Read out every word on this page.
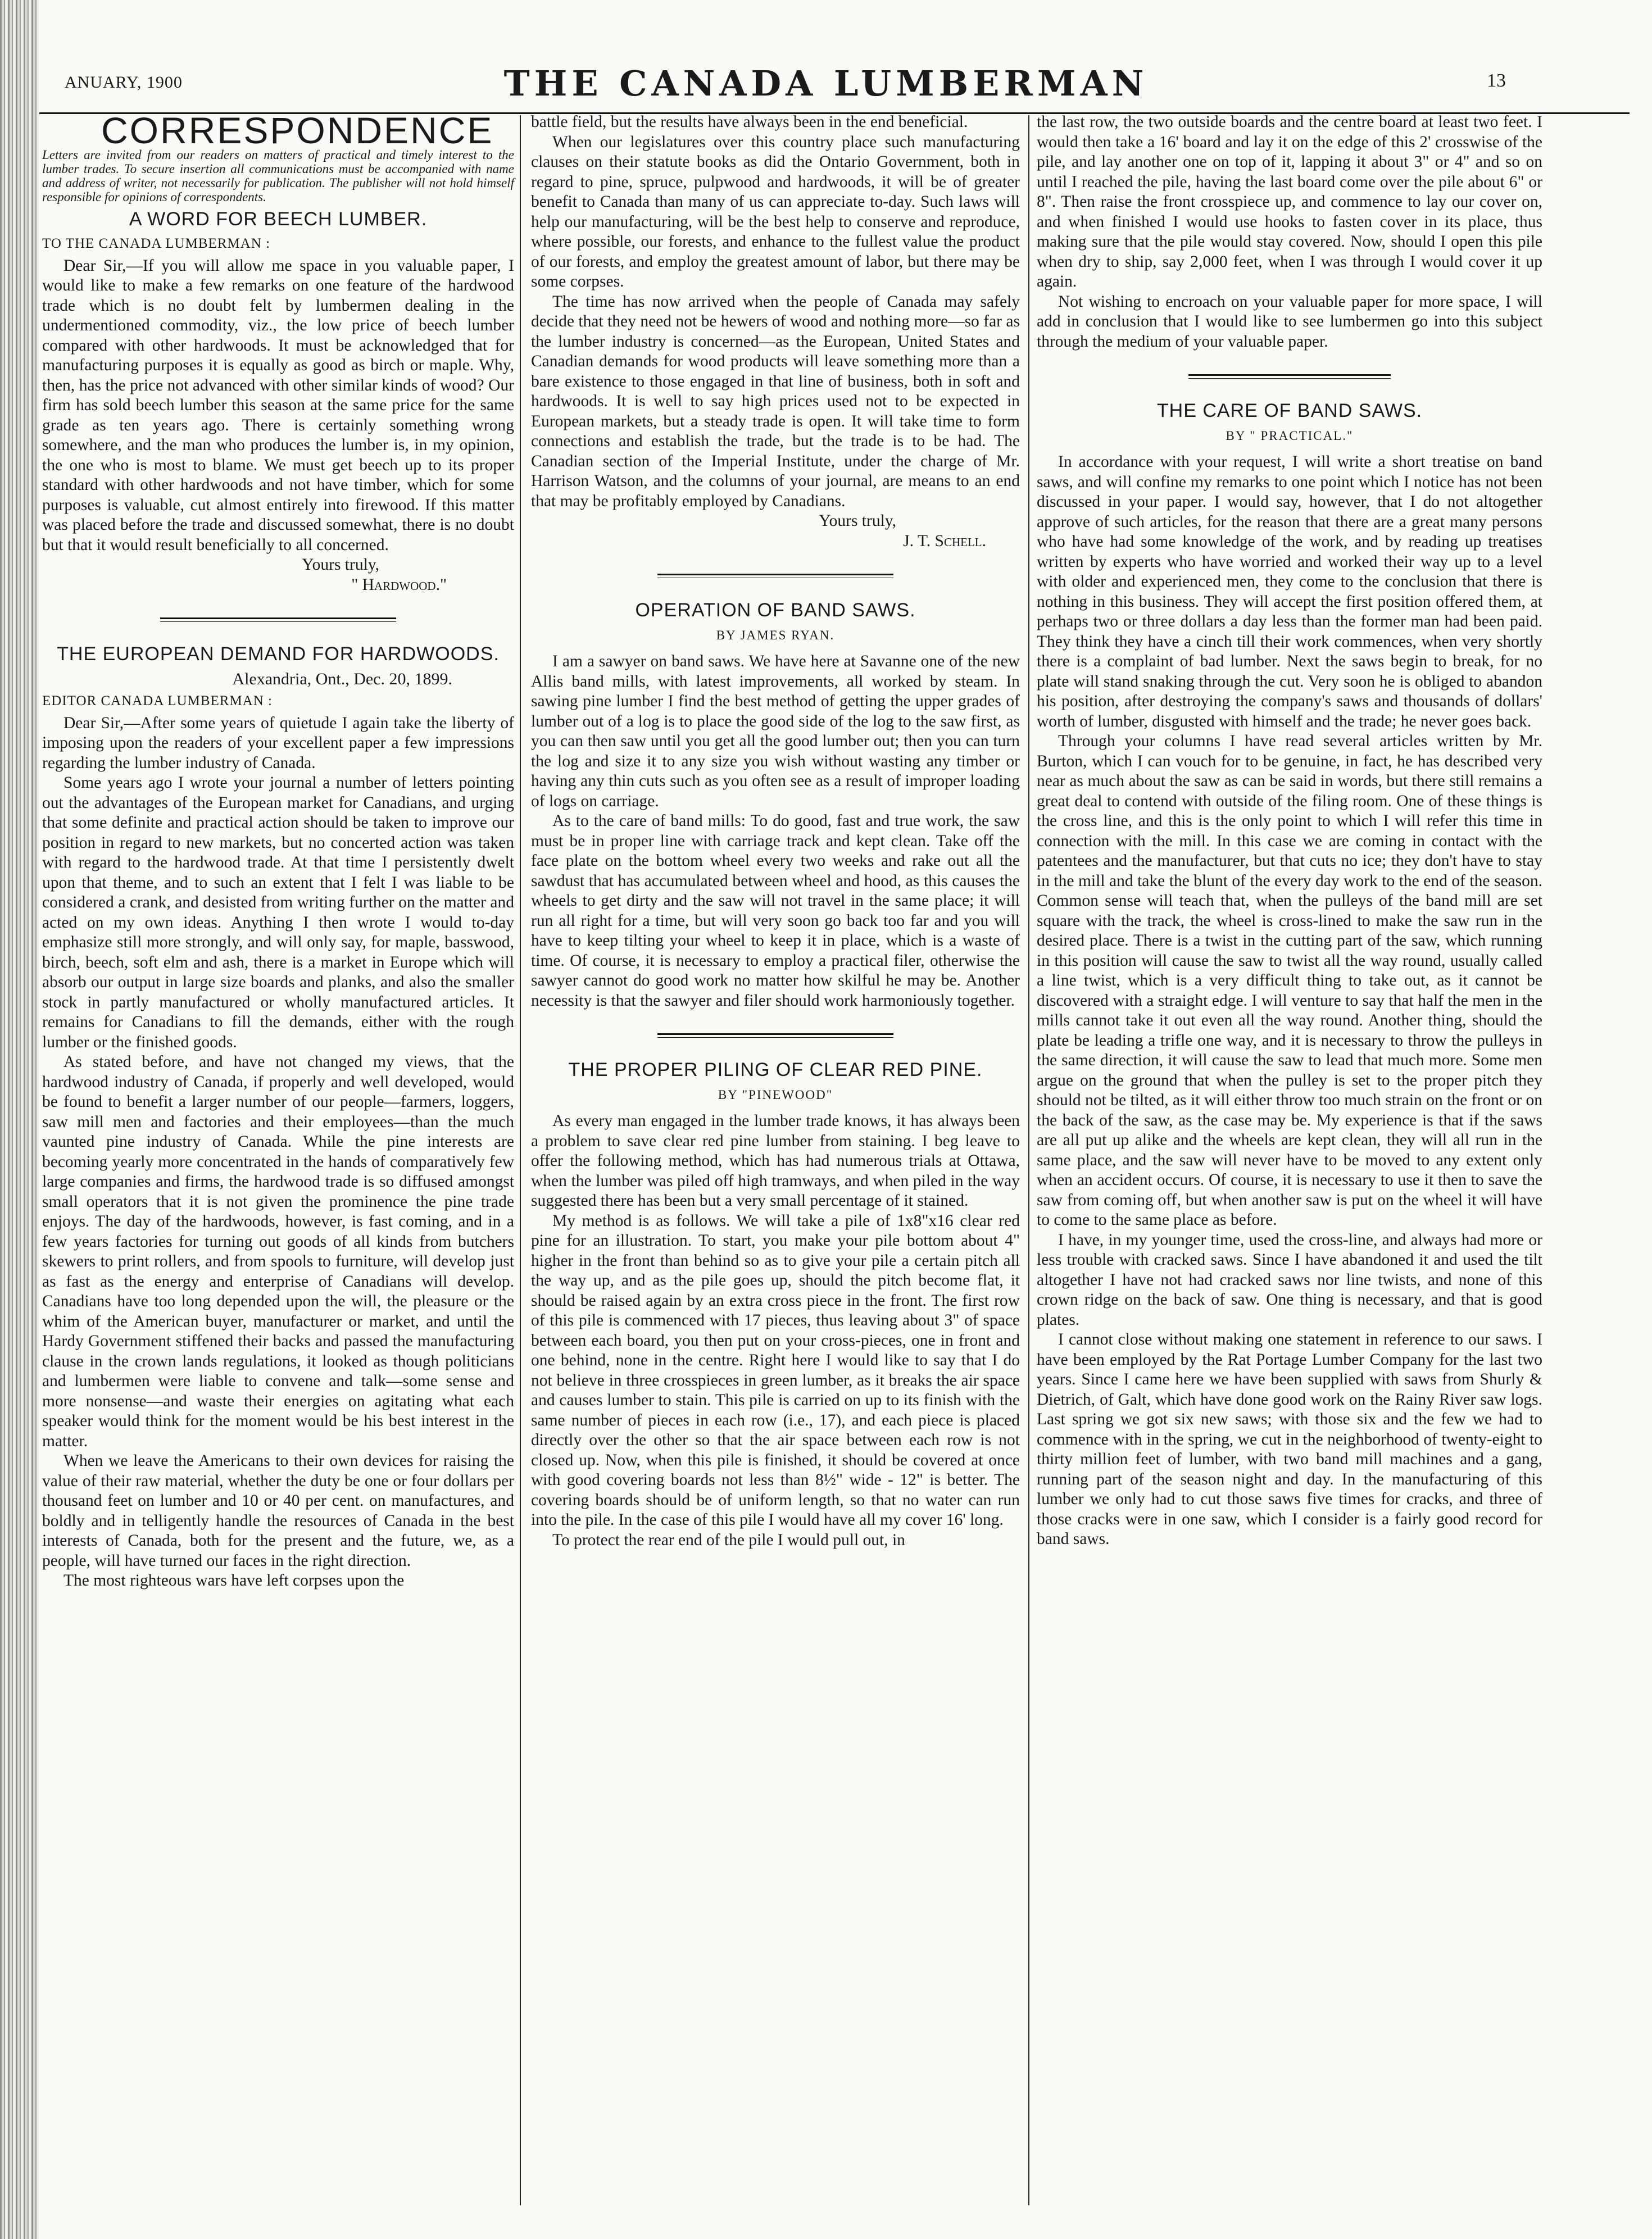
ANUARY, 1900	THE CANADA LUMBERMAN	13
CORRESPONDENCE
Letters are invited from our readers on matters of practical and timely interest to the lumber trades. To secure insertion all communications must be accompanied with name and address of writer, not necessarily for publication. The publisher will not hold himself responsible for opinions of correspondents.
A WORD FOR BEECH LUMBER.
TO THE CANADA LUMBERMAN :

Dear Sir,—If you will allow me space in you valuable paper, I would like to make a few remarks on one feature of the hardwood trade which is no doubt felt by lumbermen dealing in the undermentioned commodity, viz., the low price of beech lumber compared with other hardwoods. It must be acknowledged that for manufacturing purposes it is equally as good as birch or maple. Why, then, has the price not advanced with other similar kinds of wood? Our firm has sold beech lumber this season at the same price for the same grade as ten years ago. There is certainly something wrong somewhere, and the man who produces the lumber is, in my opinion, the one who is most to blame. We must get beech up to its proper standard with other hardwoods and not have timber, which for some purposes is valuable, cut almost entirely into firewood. If this matter was placed before the trade and discussed somewhat, there is no doubt but that it would result beneficially to all concerned.

Yours truly,

" Hardwood."

THE EUROPEAN DEMAND FOR HARDWOODS.
Alexandria, Ont., Dec. 20, 1899.
EDITOR CANADA LUMBERMAN :

Dear Sir,—After some years of quietude I again take the liberty of imposing upon the readers of your excellent paper a few impressions regarding the lumber industry of Canada.

Some years ago I wrote your journal a number of letters pointing out the advantages of the European market for Canadians, and urging that some definite and practical action should be taken to improve our position in regard to new markets, but no concerted action was taken with regard to the hardwood trade. At that time I persistently dwelt upon that theme, and to such an extent that I felt I was liable to be considered a crank, and desisted from writing further on the matter and acted on my own ideas. Anything I then wrote I would to-day emphasize still more strongly, and will only say, for maple, basswood, birch, beech, soft elm and ash, there is a market in Europe which will absorb our output in large size boards and planks, and also the smaller stock in partly manufactured or wholly manufactured articles. It remains for Canadians to fill the demands, either with the rough lumber or the finished goods.

As stated before, and have not changed my views, that the hardwood industry of Canada, if properly and well developed, would be found to benefit a larger number of our people—farmers, loggers, saw mill men and factories and their employees—than the much vaunted pine industry of Canada. While the pine interests are becoming yearly more concentrated in the hands of comparatively few large companies and firms, the hardwood trade is so diffused amongst small operators that it is not given the prominence the pine trade enjoys. The day of the hardwoods, however, is fast coming, and in a few years factories for turning out goods of all kinds from butchers skewers to print rollers, and from spools to furniture, will develop just as fast as the energy and enterprise of Canadians will develop. Canadians have too long depended upon the will, the pleasure or the whim of the American buyer, manufacturer or market, and until the Hardy Government stiffened their backs and passed the manufacturing clause in the crown lands regulations, it looked as though politicians and lumbermen were liable to convene and talk—some sense and more nonsense—and waste their energies on agitating what each speaker would think for the moment would be his best interest in the matter.

When we leave the Americans to their own devices for raising the value of their raw material, whether the duty be one or four dollars per thousand feet on lumber and 10 or 40 per cent. on manufactures, and boldly and in telligently handle the resources of Canada in the best interests of Canada, both for the present and the future, we, as a people, will have turned our faces in the right direction.

The most righteous wars have left corpses upon the

battle field, but the results have always been in the end beneficial.

When our legislatures over this country place such manufacturing clauses on their statute books as did the Ontario Government, both in regard to pine, spruce, pulpwood and hardwoods, it will be of greater benefit to Canada than many of us can appreciate to-day. Such laws will help our manufacturing, will be the best help to conserve and reproduce, where possible, our forests, and enhance to the fullest value the product of our forests, and employ the greatest amount of labor, but there may be some corpses.

The time has now arrived when the people of Canada may safely decide that they need not be hewers of wood and nothing more—so far as the lumber industry is concerned—as the European, United States and Canadian demands for wood products will leave something more than a bare existence to those engaged in that line of business, both in soft and hardwoods. It is well to say high prices used not to be expected in European markets, but a steady trade is open. It will take time to form connections and establish the trade, but the trade is to be had. The Canadian section of the Imperial Institute, under the charge of Mr. Harrison Watson, and the columns of your journal, are means to an end that may be profitably employed by Canadians.

Yours truly,

J. T. Schell.

OPERATION OF BAND SAWS.
BY JAMES RYAN.

I am a sawyer on band saws. We have here at Savanne one of the new Allis band mills, with latest improvements, all worked by steam. In sawing pine lumber I find the best method of getting the upper grades of lumber out of a log is to place the good side of the log to the saw first, as you can then saw until you get all the good lumber out; then you can turn the log and size it to any size you wish without wasting any timber or having any thin cuts such as you often see as a result of improper loading of logs on carriage.

As to the care of band mills: To do good, fast and true work, the saw must be in proper line with carriage track and kept clean. Take off the face plate on the bottom wheel every two weeks and rake out all the sawdust that has accumulated between wheel and hood, as this causes the wheels to get dirty and the saw will not travel in the same place; it will run all right for a time, but will very soon go back too far and you will have to keep tilting your wheel to keep it in place, which is a waste of time. Of course, it is necessary to employ a practical filer, otherwise the sawyer cannot do good work no matter how skilful he may be. Another necessity is that the sawyer and filer should work harmoniously together.

THE PROPER PILING OF CLEAR RED PINE.
BY "PINEWOOD"

As every man engaged in the lumber trade knows, it has always been a problem to save clear red pine lumber from staining. I beg leave to offer the following method, which has had numerous trials at Ottawa, when the lumber was piled off high tramways, and when piled in the way suggested there has been but a very small percentage of it stained.

My method is as follows. We will take a pile of 1x8"x16 clear red pine for an illustration. To start, you make your pile bottom about 4" higher in the front than behind so as to give your pile a certain pitch all the way up, and as the pile goes up, should the pitch become flat, it should be raised again by an extra cross piece in the front. The first row of this pile is commenced with 17 pieces, thus leaving about 3" of space between each board, you then put on your cross-pieces, one in front and one behind, none in the centre. Right here I would like to say that I do not believe in three crosspieces in green lumber, as it breaks the air space and causes lumber to stain. This pile is carried on up to its finish with the same number of pieces in each row (i.e., 17), and each piece is placed directly over the other so that the air space between each row is not closed up. Now, when this pile is finished, it should be covered at once with good covering boards not less than 8½" wide - 12" is better. The covering boards should be of uniform length, so that no water can run into the pile. In the case of this pile I would have all my cover 16' long.

To protect the rear end of the pile I would pull out, in

the last row, the two outside boards and the centre board at least two feet. I would then take a 16' board and lay it on the edge of this 2' crosswise of the pile, and lay another one on top of it, lapping it about 3" or 4" and so on until I reached the pile, having the last board come over the pile about 6" or 8". Then raise the front crosspiece up, and commence to lay our cover on, and when finished I would use hooks to fasten cover in its place, thus making sure that the pile would stay covered. Now, should I open this pile when dry to ship, say 2,000 feet, when I was through I would cover it up again.

Not wishing to encroach on your valuable paper for more space, I will add in conclusion that I would like to see lumbermen go into this subject through the medium of your valuable paper.

THE CARE OF BAND SAWS.
BY " PRACTICAL."

In accordance with your request, I will write a short treatise on band saws, and will confine my remarks to one point which I notice has not been discussed in your paper. I would say, however, that I do not altogether approve of such articles, for the reason that there are a great many persons who have had some knowledge of the work, and by reading up treatises written by experts who have worried and worked their way up to a level with older and experienced men, they come to the conclusion that there is nothing in this business. They will accept the first position offered them, at perhaps two or three dollars a day less than the former man had been paid. They think they have a cinch till their work commences, when very shortly there is a complaint of bad lumber. Next the saws begin to break, for no plate will stand snaking through the cut. Very soon he is obliged to abandon his position, after destroying the company's saws and thousands of dollars' worth of lumber, disgusted with himself and the trade; he never goes back.

Through your columns I have read several articles written by Mr. Burton, which I can vouch for to be genuine, in fact, he has described very near as much about the saw as can be said in words, but there still remains a great deal to contend with outside of the filing room. One of these things is the cross line, and this is the only point to which I will refer this time in connection with the mill. In this case we are coming in contact with the patentees and the manufacturer, but that cuts no ice; they don't have to stay in the mill and take the blunt of the every day work to the end of the season. Common sense will teach that, when the pulleys of the band mill are set square with the track, the wheel is cross-lined to make the saw run in the desired place. There is a twist in the cutting part of the saw, which running in this position will cause the saw to twist all the way round, usually called a line twist, which is a very difficult thing to take out, as it cannot be discovered with a straight edge. I will venture to say that half the men in the mills cannot take it out even all the way round. Another thing, should the plate be leading a trifle one way, and it is necessary to throw the pulleys in the same direction, it will cause the saw to lead that much more. Some men argue on the ground that when the pulley is set to the proper pitch they should not be tilted, as it will either throw too much strain on the front or on the back of the saw, as the case may be. My experience is that if the saws are all put up alike and the wheels are kept clean, they will all run in the same place, and the saw will never have to be moved to any extent only when an accident occurs. Of course, it is necessary to use it then to save the saw from coming off, but when another saw is put on the wheel it will have to come to the same place as before.

I have, in my younger time, used the cross-line, and always had more or less trouble with cracked saws. Since I have abandoned it and used the tilt altogether I have not had cracked saws nor line twists, and none of this crown ridge on the back of saw. One thing is necessary, and that is good plates.

I cannot close without making one statement in reference to our saws. I have been employed by the Rat Portage Lumber Company for the last two years. Since I came here we have been supplied with saws from Shurly & Dietrich, of Galt, which have done good work on the Rainy River saw logs. Last spring we got six new saws; with those six and the few we had to commence with in the spring, we cut in the neighborhood of twenty-eight to thirty million feet of lumber, with two band mill machines and a gang, running part of the season night and day. In the manufacturing of this lumber we only had to cut those saws five times for cracks, and three of those cracks were in one saw, which I consider is a fairly good record for band saws.
